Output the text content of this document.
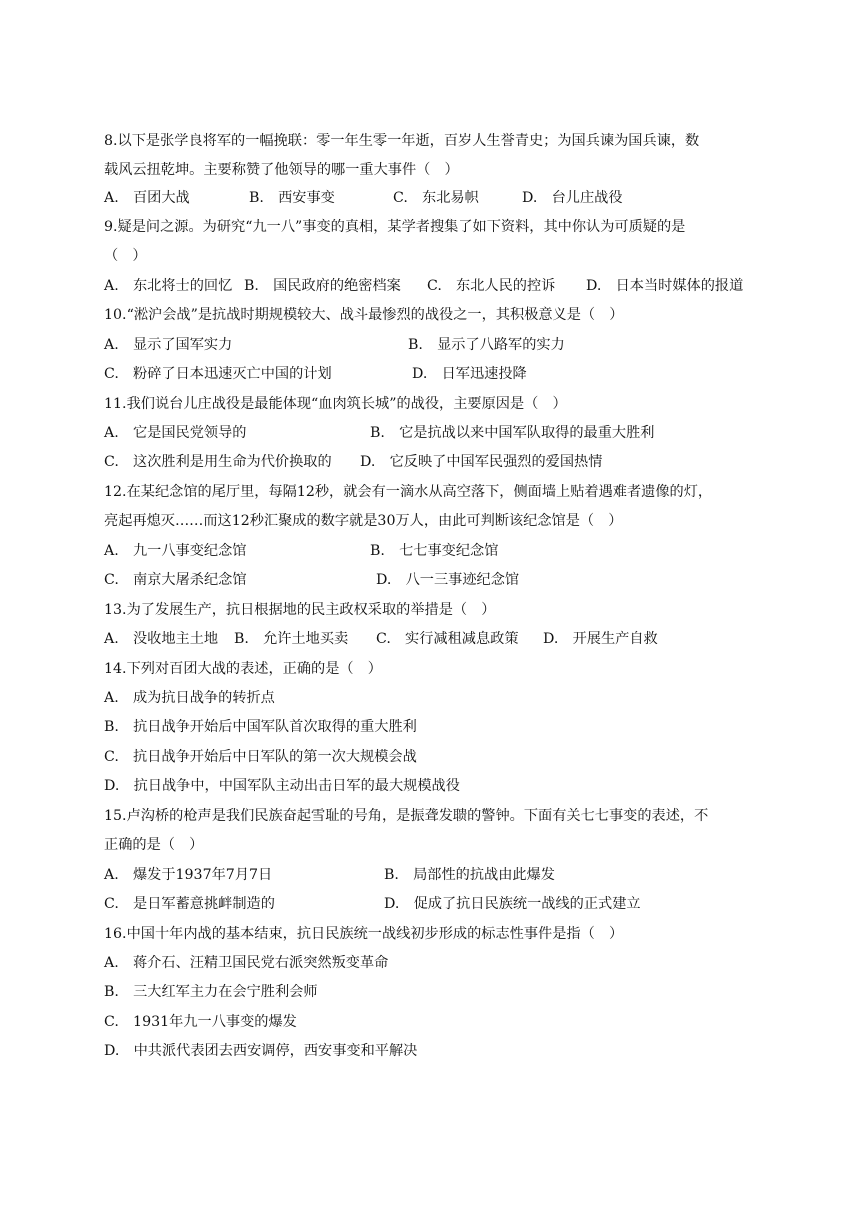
8.以下是张学良将军的一幅挽联：零一年生零一年逝，百岁人生誉青史；为国兵谏为国兵谏，数
载风云扭乾坤。主要称赞了他领导的哪一重大事件（　）

A.　百团大战

	B.　西安事变

	C.　东北易帜

	D.　台儿庄战役

9.疑是问之源。为研究“九一八”事变的真相，某学者搜集了如下资料，其中你认为可质疑的是
（　）

A.　东北将士的回忆

B.　国民政府的绝密档案

C.　东北人民的控诉

D.　日本当时媒体的报道

10.“淞沪会战”是抗战时期规模较大、战斗最惨烈的战役之一，其积极意义是（　）

A.　显示了国军实力

	B.　显示了八路军的实力

C.　粉碎了日本迅速灭亡中国的计划

	D.　日军迅速投降

11.我们说台儿庄战役是最能体现“血肉筑长城”的战役，主要原因是（　）

A.　它是国民党领导的

	B.　它是抗战以来中国军队取得的最重大胜利

C.　这次胜利是用生命为代价换取的

D.　它反映了中国军民强烈的爱国热情

12.在某纪念馆的尾厅里，每隔12秒，就会有一滴水从高空落下，侧面墙上贴着遇难者遗像的灯，
亮起再熄灭……而这12秒汇聚成的数字就是30万人，由此可判断该纪念馆是（　）

A.　九一八事变纪念馆

	B.　七七事变纪念馆

C.　南京大屠杀纪念馆

	D.　八一三事迹纪念馆

13.为了发展生产，抗日根据地的民主政权采取的举措是（　）

A.　没收地主土地

B.　允许土地买卖

C.　实行减租减息政策

D.　开展生产自救

14.下列对百团大战的表述，正确的是（　）
A.　成为抗日战争的转折点
B.　抗日战争开始后中国军队首次取得的重大胜利
C.　抗日战争开始后中日军队的第一次大规模会战
D.　抗日战争中，中国军队主动出击日军的最大规模战役
15.卢沟桥的枪声是我们民族奋起雪耻的号角，是振聋发聩的警钟。下面有关七七事变的表述，不
正确的是（　）

A.　爆发于1937年7月7日

	B.　局部性的抗战由此爆发

C.　是日军蓄意挑衅制造的

	D.　促成了抗日民族统一战线的正式建立

16.中国十年内战的基本结束，抗日民族统一战线初步形成的标志性事件是指（　）
A.　蒋介石、汪精卫国民党右派突然叛变革命
B.　三大红军主力在会宁胜利会师
C.　1931年九一八事变的爆发
D.　中共派代表团去西安调停，西安事变和平解决
